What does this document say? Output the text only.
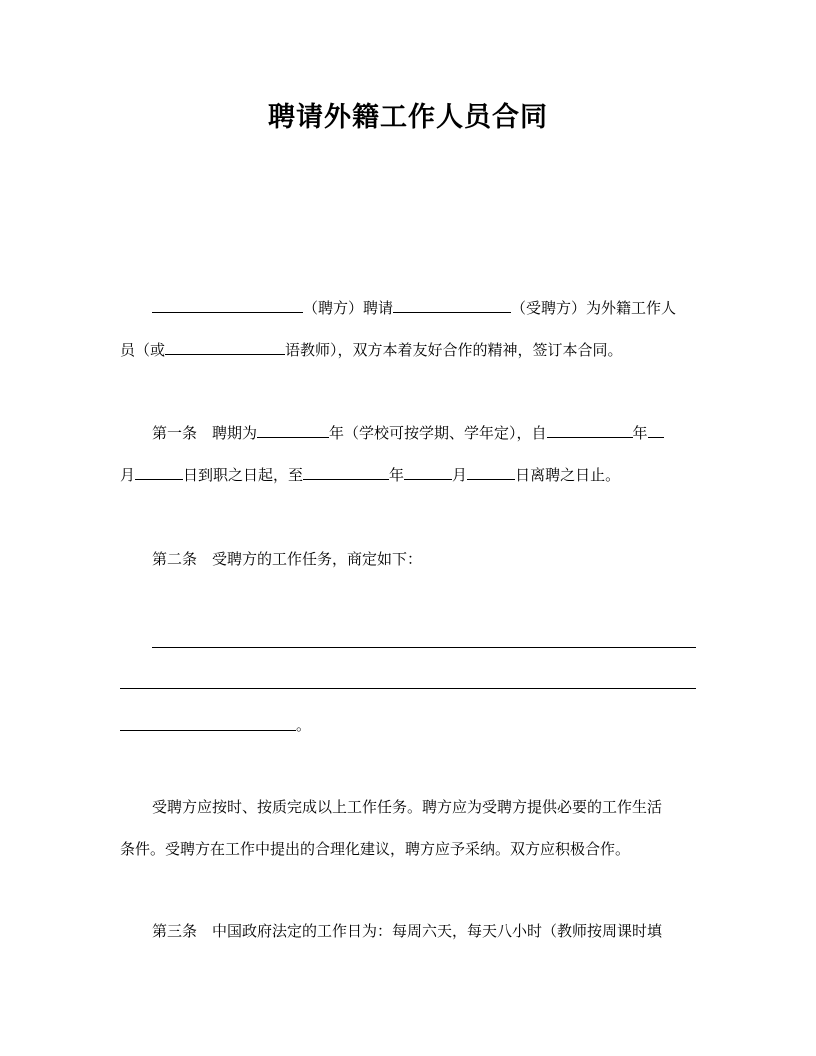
聘请外籍工作人员合同
（聘方）聘请	（受聘方）为外籍工作人
员（或	语教师），双方本着友好合作的精神，签订本合同。
第一条　聘期为	年（学校可按学期、学年定），自	年
月	日到职之日起，至	年	月	日离聘之日止。
第二条　受聘方的工作任务，商定如下：
。
受聘方应按时、按质完成以上工作任务。聘方应为受聘方提供必要的工作生活
条件。受聘方在工作中提出的合理化建议，聘方应予采纳。双方应积极合作。
第三条　中国政府法定的工作日为：每周六天，每天八小时（教师按周课时填
